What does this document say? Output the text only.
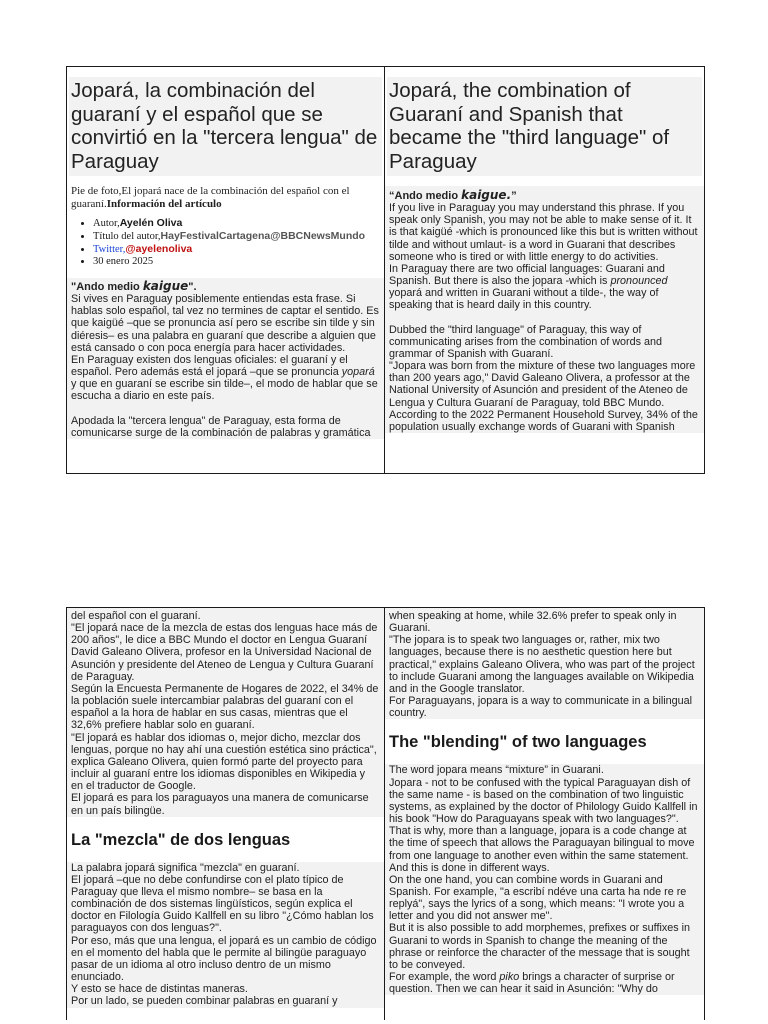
Jopará, la combinación del guaraní y el español que se convirtió en la "tercera lengua" de Paraguay
Pie de foto,El jopará nace de la combinación del español con el guaraní.Información del artículo
• Autor,Ayelén Oliva
• Título del autor,HayFestivalCartagena@BBCNewsMundo
• Twitter,@ayelenoliva
• 30 enero 2025

"Ando medio kaigue".

Si vives en Paraguay posiblemente entiendas esta frase. Si hablas solo español, tal vez no termines de captar el sentido. Es que kaigüé –que se pronuncia así pero se escribe sin tilde y sin diéresis– es una palabra en guaraní que describe a alguien que está cansado o con poca energía para hacer actividades.

En Paraguay existen dos lenguas oficiales: el guaraní y el español. Pero además está el jopará –que se pronuncia yopará y que en guaraní se escribe sin tilde–, el modo de hablar que se escucha a diario en este país.

Apodada la "tercera lengua" de Paraguay, esta forma de comunicarse surge de la combinación de palabras y gramática

Jopará, the combination of Guaraní and Spanish that became the "third language" of Paraguay

“Ando medio kaigue.”

If you live in Paraguay you may understand this phrase. If you speak only Spanish, you may not be able to make sense of it. It is that kaigüé -which is pronounced like this but is written without tilde and without umlaut- is a word in Guarani that describes someone who is tired or with little energy to do activities.

In Paraguay there are two official languages: Guarani and Spanish. But there is also the jopara -which is pronounced yopará and written in Guarani without a tilde-, the way of speaking that is heard daily in this country.

Dubbed the "third language" of Paraguay, this way of communicating arises from the combination of words and grammar of Spanish with Guaraní.

"Jopara was born from the mixture of these two languages more than 200 years ago," David Galeano Olivera, a professor at the National University of Asunción and president of the Ateneo de Lengua y Cultura Guaraní de Paraguay, told BBC Mundo.

According to the 2022 Permanent Household Survey, 34% of the population usually exchange words of Guarani with Spanish

del español con el guaraní.

"El jopará nace de la mezcla de estas dos lenguas hace más de 200 años", le dice a BBC Mundo el doctor en Lengua Guaraní David Galeano Olivera, profesor en la Universidad Nacional de Asunción y presidente del Ateneo de Lengua y Cultura Guaraní de Paraguay.

Según la Encuesta Permanente de Hogares de 2022, el 34% de la población suele intercambiar palabras del guaraní con el español a la hora de hablar en sus casas, mientras que el 32,6% prefiere hablar solo en guaraní.

"El jopará es hablar dos idiomas o, mejor dicho, mezclar dos lenguas, porque no hay ahí una cuestión estética sino práctica", explica Galeano Olivera, quien formó parte del proyecto para incluir al guaraní entre los idiomas disponibles en Wikipedia y en el traductor de Google.

El jopará es para los paraguayos una manera de comunicarse en un país bilingüe.

La "mezcla" de dos lenguas

La palabra jopará significa "mezcla" en guaraní.

El jopará –que no debe confundirse con el plato típico de Paraguay que lleva el mismo nombre– se basa en la combinación de dos sistemas lingüísticos, según explica el doctor en Filología Guido Kallfell en su libro "¿Cómo hablan los paraguayos con dos lenguas?".

Por eso, más que una lengua, el jopará es un cambio de código en el momento del habla que le permite al bilingüe paraguayo pasar de un idioma al otro incluso dentro de un mismo enunciado.

Y esto se hace de distintas maneras.

Por un lado, se pueden combinar palabras en guaraní y

when speaking at home, while 32.6% prefer to speak only in Guarani.

"The jopara is to speak two languages or, rather, mix two languages, because there is no aesthetic question here but practical," explains Galeano Olivera, who was part of the project to include Guarani among the languages available on Wikipedia and in the Google translator.

For Paraguayans, jopara is a way to communicate in a bilingual country.

The "blending" of two languages

The word jopara means “mixture” in Guarani.

Jopara - not to be confused with the typical Paraguayan dish of the same name - is based on the combination of two linguistic systems, as explained by the doctor of Philology Guido Kallfell in his book "How do Paraguayans speak with two languages?".

That is why, more than a language, jopara is a code change at the time of speech that allows the Paraguayan bilingual to move from one language to another even within the same statement.

And this is done in different ways.

On the one hand, you can combine words in Guarani and Spanish. For example, "a escribí ndéve una carta ha nde re re replyá", says the lyrics of a song, which means: "I wrote you a letter and you did not answer me".

But it is also possible to add morphemes, prefixes or suffixes in Guarani to words in Spanish to change the meaning of the phrase or reinforce the character of the message that is sought to be conveyed.

For example, the word piko brings a character of surprise or question. Then we can hear it said in Asunción: "Why do
